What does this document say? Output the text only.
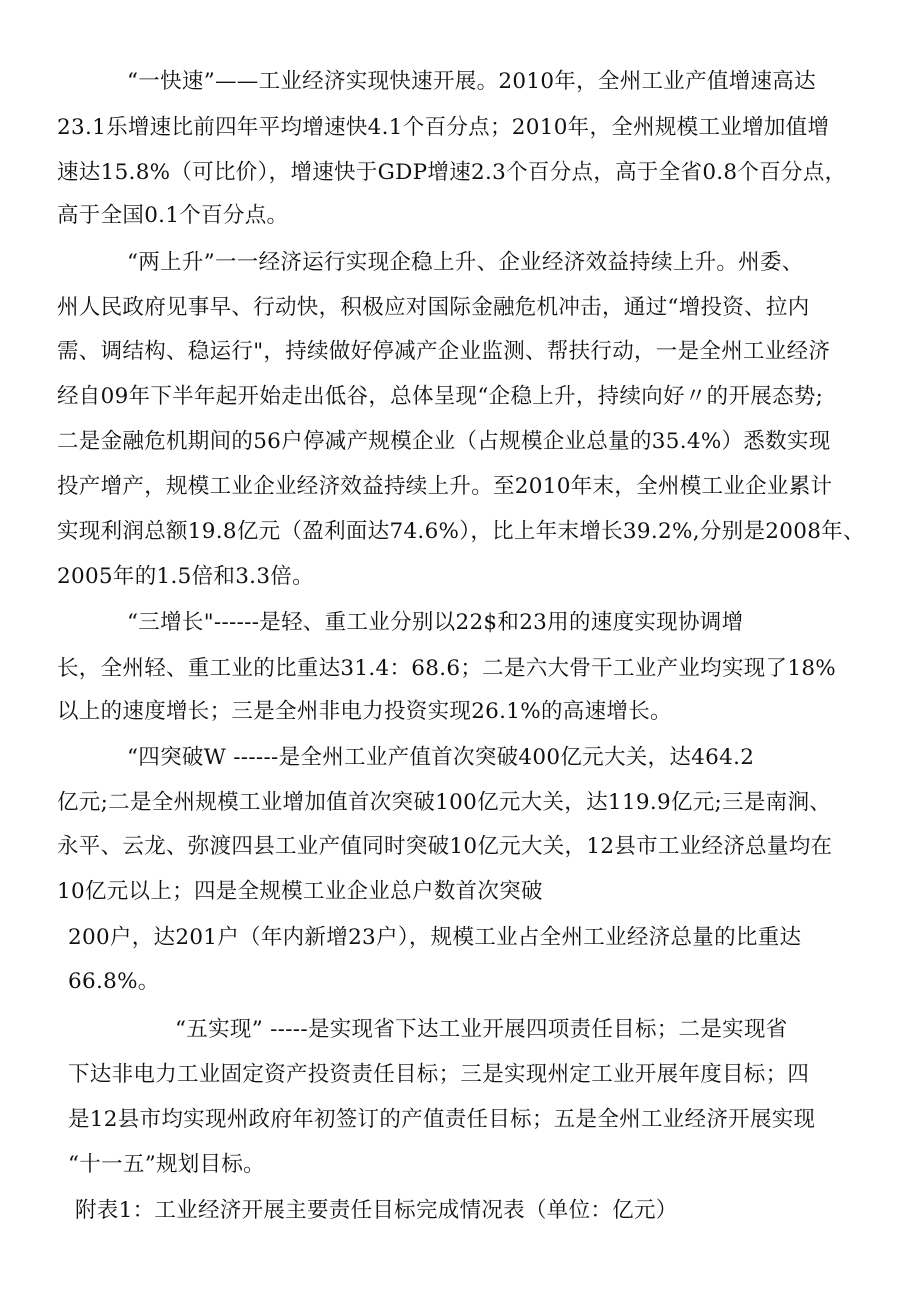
“一快速”——工业经济实现快速开展。2010年，全州工业产值增速高达
23.1乐增速比前四年平均增速快4.1个百分点；2010年，全州规模工业增加值增
速达15.8%（可比价），增速快于GDP增速2.3个百分点，高于全省0.8个百分点，
高于全国0.1个百分点。
“两上升”一一经济运行实现企稳上升、企业经济效益持续上升。州委、
州人民政府见事早、行动快，积极应对国际金融危机冲击，通过“增投资、拉内
需、调结构、稳运行"，持续做好停减产企业监测、帮扶行动，一是全州工业经济
经自09年下半年起开始走出低谷，总体呈现“企稳上升，持续向好〃的开展态势;
二是金融危机期间的56户停减产规模企业（占规模企业总量的35.4%）悉数实现
投产增产，规模工业企业经济效益持续上升。至2010年末，全州模工业企业累计
实现利润总额19.8亿元（盈利面达74.6%），比上年末增长39.2%,分别是2008年、
2005年的1.5倍和3.3倍。
“三增长"------是轻、重工业分别以22$和23用的速度实现协调增
长，全州轻、重工业的比重达31.4：68.6；二是六大骨干工业产业均实现了18%
以上的速度增长；三是全州非电力投资实现26.1%的高速增长。
“四突破W ------是全州工业产值首次突破400亿元大关，达464.2
亿元;二是全州规模工业增加值首次突破100亿元大关，达119.9亿元;三是南涧、
永平、云龙、弥渡四县工业产值同时突破10亿元大关，12县市工业经济总量均在
10亿元以上；四是全规模工业企业总户数首次突破
200户，达201户（年内新增23户），规模工业占全州工业经济总量的比重达
66.8%。
“五实现” -----是实现省下达工业开展四项责任目标；二是实现省
下达非电力工业固定资产投资责任目标；三是实现州定工业开展年度目标；四
是12县市均实现州政府年初签订的产值责任目标；五是全州工业经济开展实现
“十一五”规划目标。
附表1：工业经济开展主要责任目标完成情况表（单位：亿元）
